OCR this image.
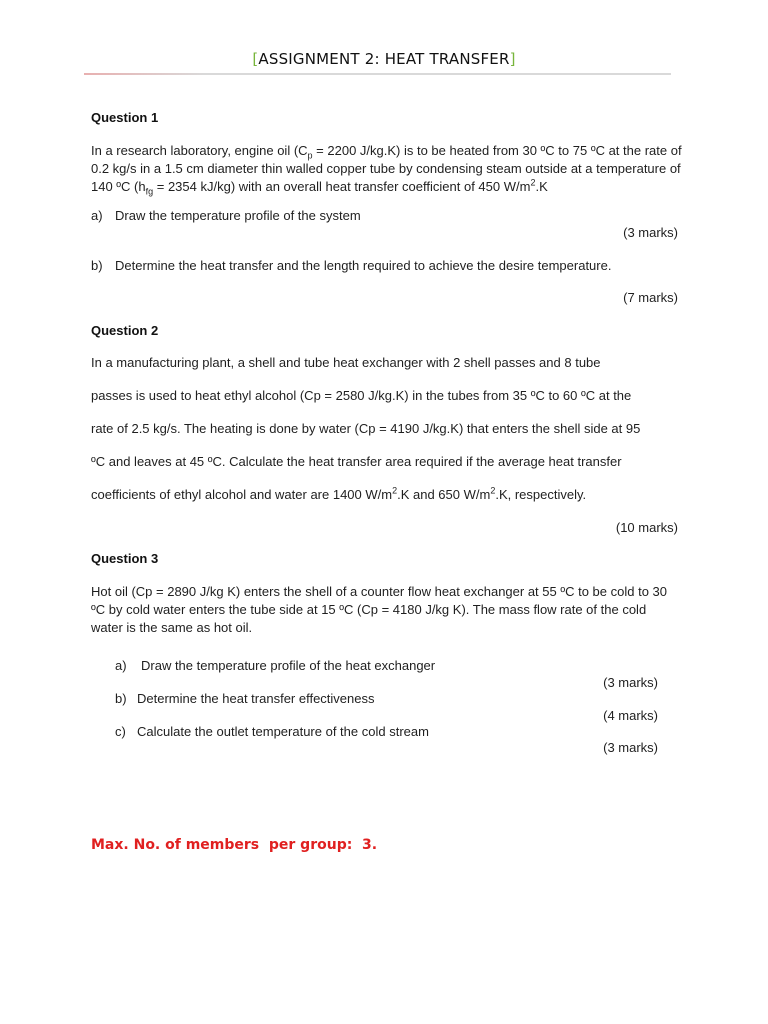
[ASSIGNMENT 2: HEAT TRANSFER]
Question 1
In a research laboratory, engine oil ($C_p = 2200$ J/kg.K) is to be heated from 30 ºC to 75 ºC at the rate of 0.2 kg/s in a 1.5 cm diameter thin walled copper tube by condensing steam outside at a temperature of 140 ºC ($h_{fg} = 2354$ kJ/kg) with an overall heat transfer coefficient of 450 $W/m^2.K$
a) Draw the temperature profile of the system
(3 marks)
b) Determine the heat transfer and the length required to achieve the desire temperature.
(7 marks)
Question 2
In a manufacturing plant, a shell and tube heat exchanger with 2 shell passes and 8 tube
passes is used to heat ethyl alcohol (Cp = 2580 J/kg.K) in the tubes from 35 ºC to 60 ºC at the
rate of 2.5 kg/s. The heating is done by water (Cp = 4190 J/kg.K) that enters the shell side at 95
ºC and leaves at 45 ºC. Calculate the heat transfer area required if the average heat transfer
coefficients of ethyl alcohol and water are 1400 $W/m^2.K$ and 650 $W/m^2.K$, respectively.
(10 marks)
Question 3
Hot oil (Cp = 2890 J/kg K) enters the shell of a counter flow heat exchanger at 55 ºC to be cold to 30 ºC by cold water enters the tube side at 15 ºC (Cp = 4180 J/kg K). The mass flow rate of the cold water is the same as hot oil.
a) Draw the temperature profile of the heat exchanger
(3 marks)
b) Determine the heat transfer effectiveness
(4 marks)
c) Calculate the outlet temperature of the cold stream
(3 marks)
Max. No. of members  per group:  3.
